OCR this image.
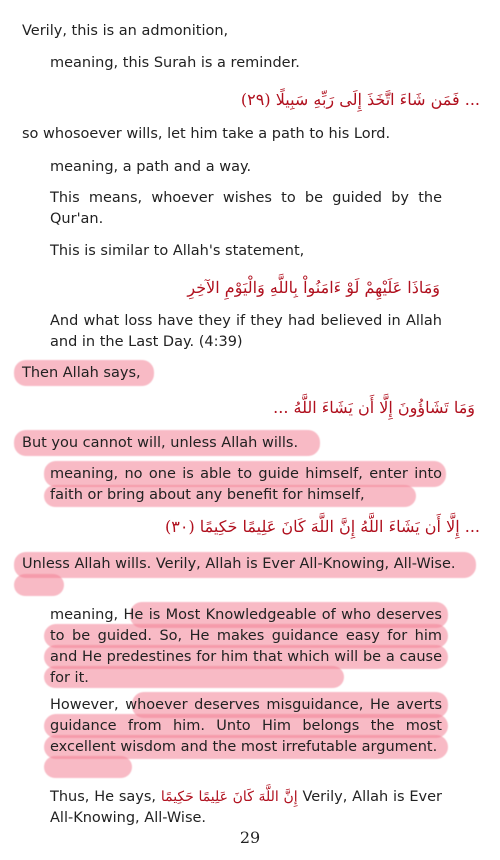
Verily, this is an admonition,

meaning, this Surah is a reminder.

... فَمَن شَاءَ اتَّخَذَ إِلَى رَبِّهِ سَبِيلًا (٢٩)

so whosoever wills, let him take a path to his Lord.

meaning, a path and a way.

This means, whoever wishes to be guided by the Qur'an.

This is similar to Allah's statement,

وَمَاذَا عَلَيْهِمْ لَوْ ءَامَنُواْ بِاللَّهِ وَالْيَوْمِ الآخِرِ

And what loss have they if they had believed in Allah and in the Last Day. (4:39)

Then Allah says,

وَمَا تَشَاؤُونَ إِلَّا أَن يَشَاءَ اللَّهُ ...

But you cannot will, unless Allah wills.

meaning, no one is able to guide himself, enter into faith or bring about any benefit for himself,

... إِلَّا أَن يَشَاءَ اللَّهُ إِنَّ اللَّهَ كَانَ عَلِيمًا حَكِيمًا (٣٠)

Unless Allah wills. Verily, Allah is Ever All-Knowing, All-Wise.

meaning, He is Most Knowledgeable of who deserves to be guided. So, He makes guidance easy for him and He predestines for him that which will be a cause for it.

However, whoever deserves misguidance, He averts guidance from him. Unto Him belongs the most excellent wisdom and the most irrefutable argument.

Thus, He says, إِنَّ اللَّهَ كَانَ عَلِيمًا حَكِيمًا Verily, Allah is Ever All-Knowing, All-Wise.

29
